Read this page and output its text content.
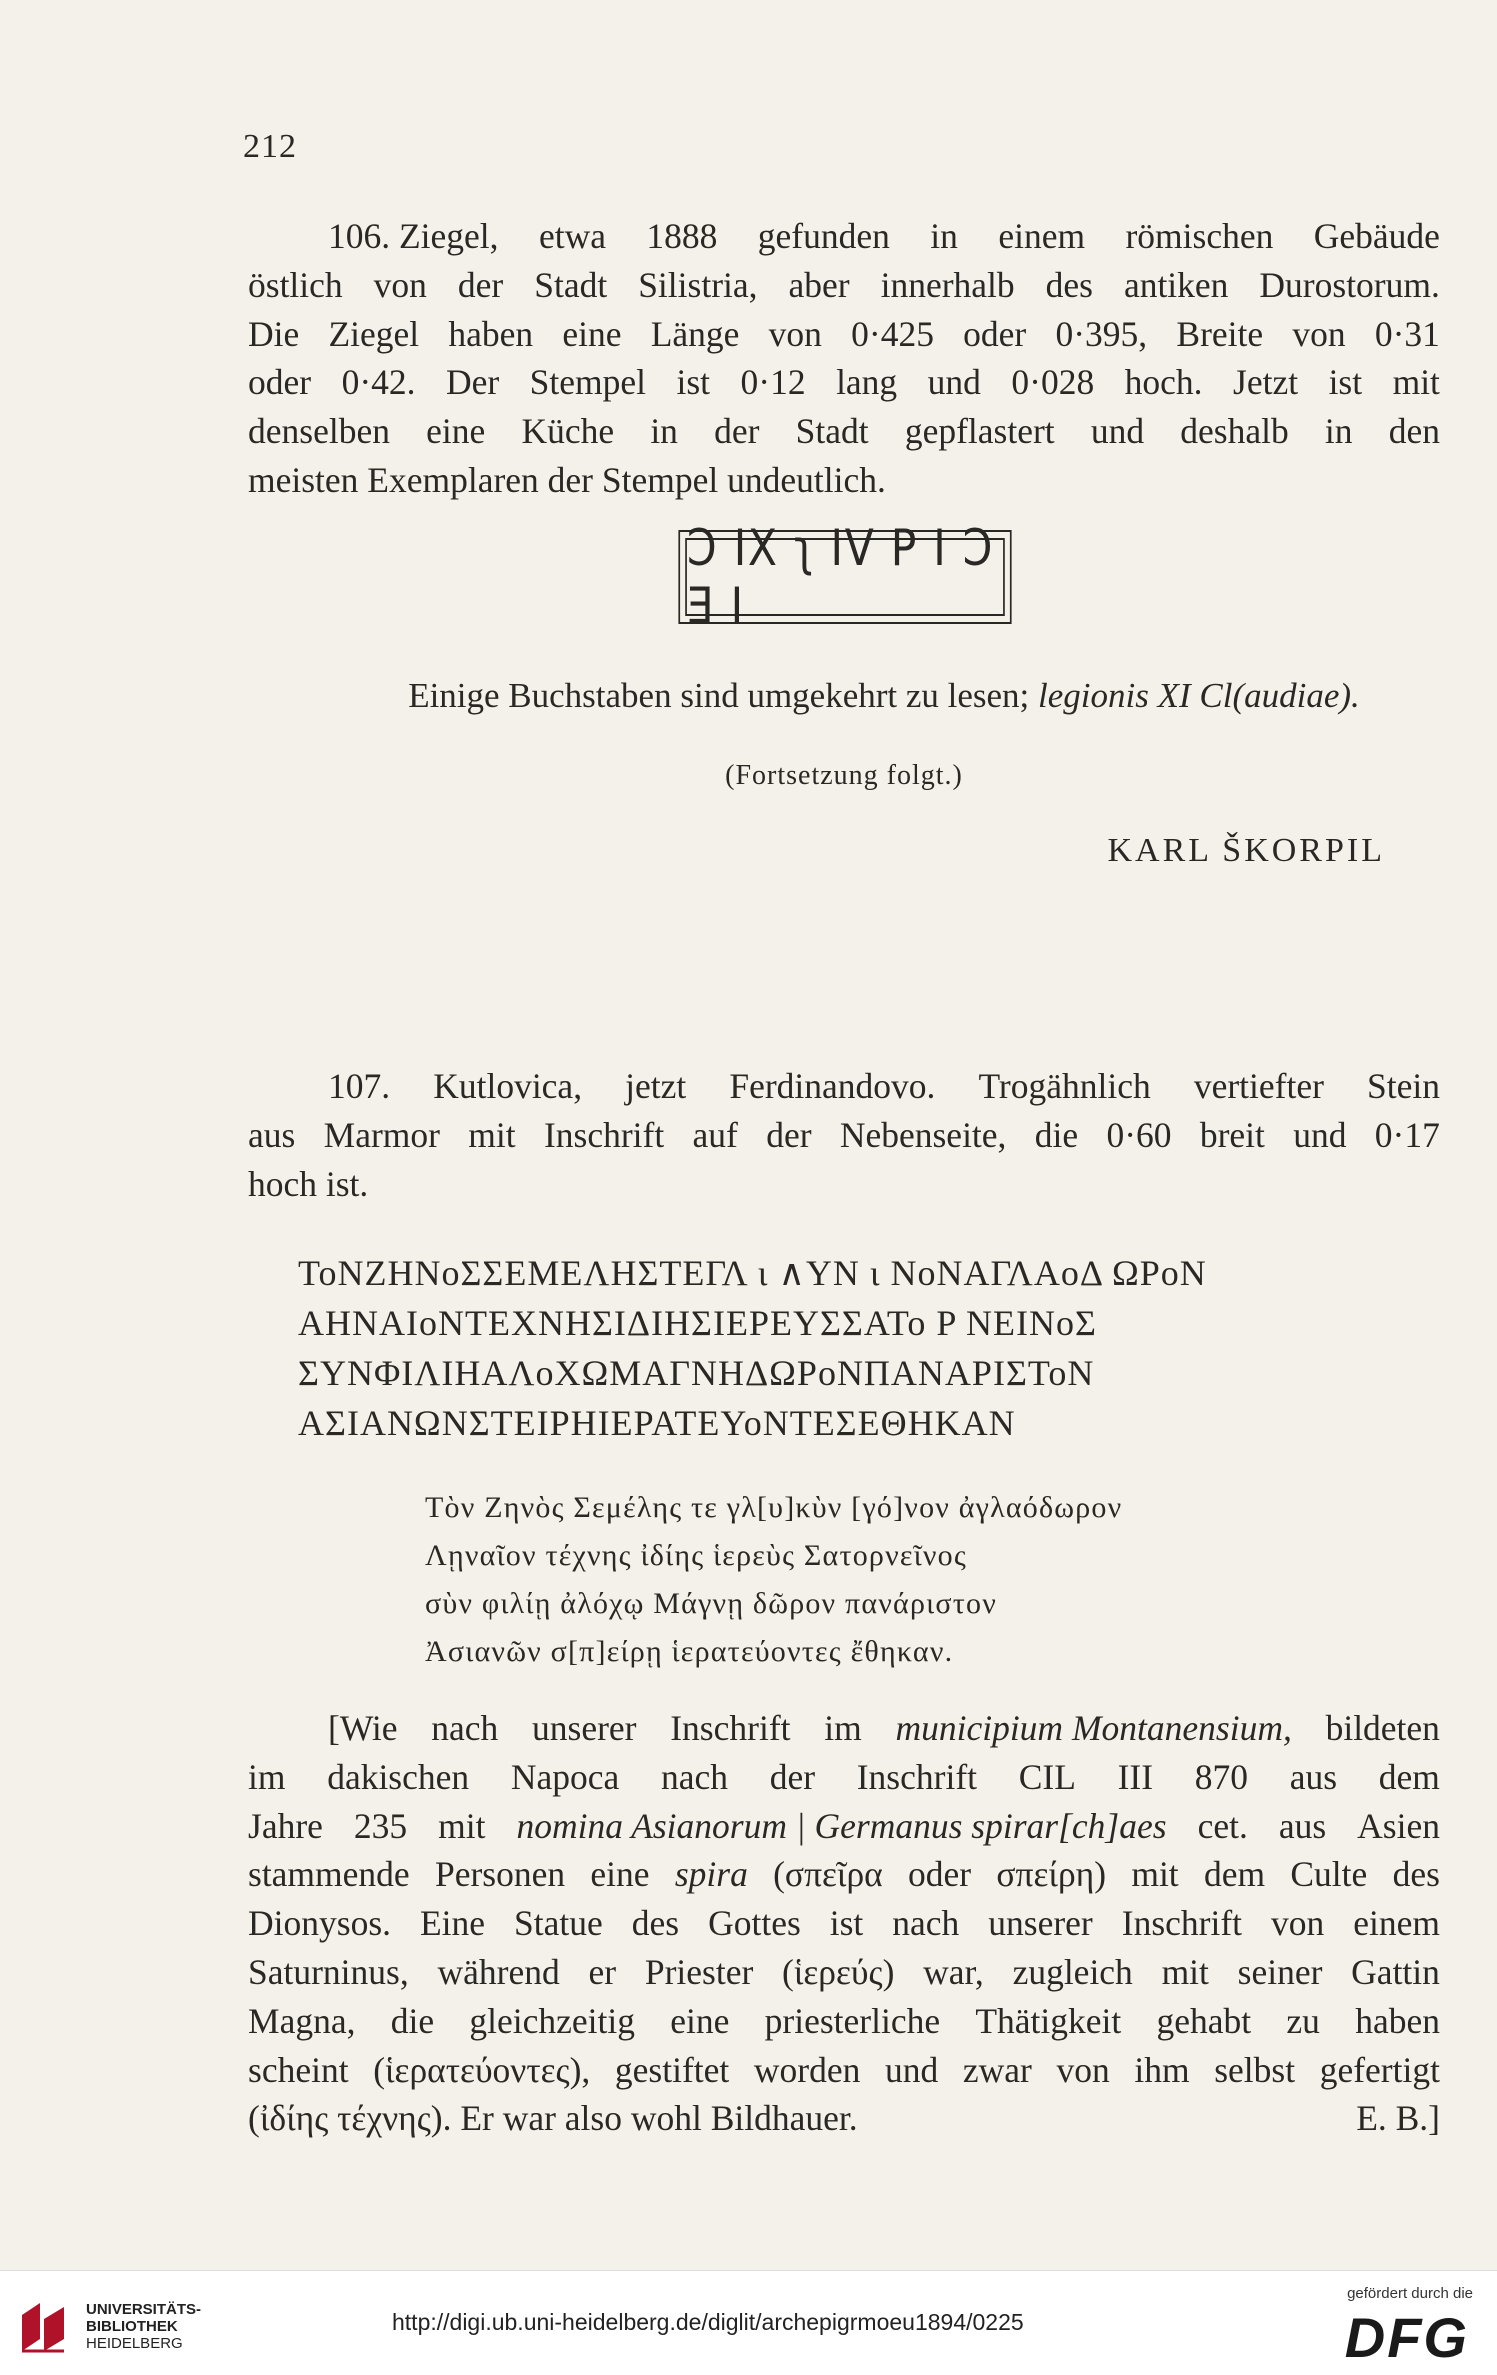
212
106. Ziegel, etwa 1888 gefunden in einem römischen Gebäude
östlich von der Stadt Silistria, aber innerhalb des antiken Durostorum.
Die Ziegel haben eine Länge von 0·425 oder 0·395, Breite von 0·31
oder 0·42. Der Stempel ist 0·12 lang und 0·028 hoch. Jetzt ist mit
denselben eine Küche in der Stadt gepflastert und deshalb in den
meisten Exemplaren der Stempel undeutlich.
Ͻ ΙΧ ʅ ΙV Ρ Ι Ͻ Ǝ Ι
Einige Buchstaben sind umgekehrt zu lesen; legionis XI Cl(audiae).
(Fortsetzung folgt.)
KARL ŠKORPIL
107. Kutlovica, jetzt Ferdinandovo. Trogähnlich vertiefter Stein
aus Marmor mit Inschrift auf der Nebenseite, die 0·60 breit und 0·17
hoch ist.
ToNZHNoΣΣEMEΛHΣTEΓΛ ι ∧YN ι NoNAΓΛAoΔ ΩPoN
AHNAIoNTEXNHΣIΔIHΣIEPEYΣΣATo P NEINoΣ
ΣYNΦIΛIHAΛoXΩMAΓNHΔΩPoNΠANAPIΣToN
AΣIANΩNΣTEIPHIEPATEYoNTEΣEΘHKAN
Τὸν Ζηνὸς Σεμέλης τε γλ[υ]κὺν [γό]νον ἀγλαόδωρον
Λῃναῖον τέχνης ἰδίης ἱερεὺς Σατορνεῖνος
σὺν φιλίῃ ἀλόχῳ Μάγνῃ δῶρον πανάριστον
Ἀσιανῶν σ[π]είρῃ ἱερατεύοντες ἔθηκαν.
[Wie nach unserer Inschrift im municipium Montanensium, bildeten
im dakischen Napoca nach der Inschrift CIL III 870 aus dem
Jahre 235 mit nomina Asianorum | Germanus spirar[ch]aes cet. aus Asien
stammende Personen eine spira (σπεῖρα oder σπείρη) mit dem Culte des
Dionysos. Eine Statue des Gottes ist nach unserer Inschrift von einem
Saturninus, während er Priester (ἱερεύς) war, zugleich mit seiner Gattin
Magna, die gleichzeitig eine priesterliche Thätigkeit gehabt zu haben
scheint (ἱερατεύοντες), gestiftet worden und zwar von ihm selbst gefertigt
(ἰδίης τέχνης). Er war also wohl Bildhauer.	E. B.]
UNIVERSITÄTS-
BIBLIOTHEK
HEIDELBERG
http://digi.ub.uni-heidelberg.de/diglit/archepigrmoeu1894/0225
gefördert durch die
DFG
